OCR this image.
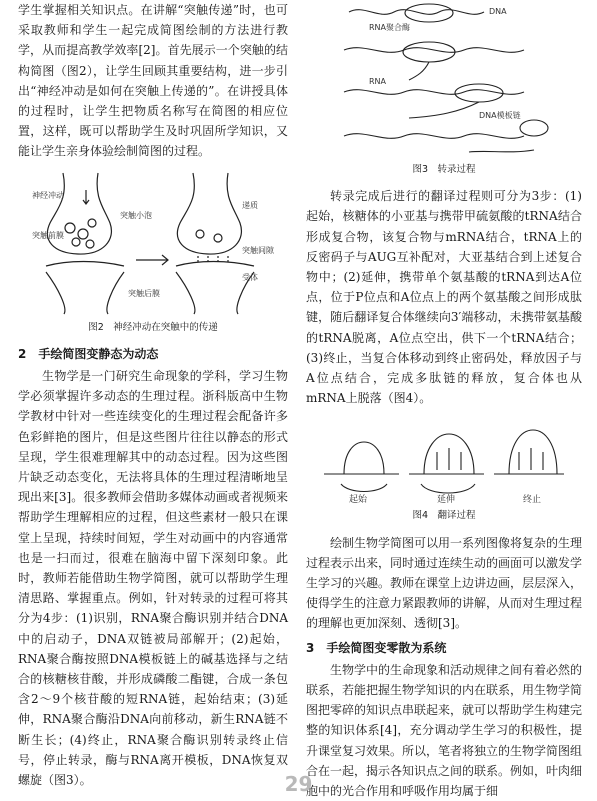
学生掌握相关知识点。在讲解“突触传递”时，也可采取教师和学生一起完成简图绘制的方法进行教学，从而提高教学效率[2]。首先展示一个突触的结构简图（图2），让学生回顾其重要结构，进一步引出“神经冲动是如何在突触上传递的”。在讲授具体的过程时，让学生把物质名称写在简图的相应位置，这样，既可以帮助学生及时巩固所学知识，又能让学生亲身体验绘制简图的过程。

神经冲动
突触前膜
突触小泡
递质
突触间隙
受体
突触后膜

图2　神经冲动在突触中的传递

2　手绘简图变静态为动态

生物学是一门研究生命现象的学科，学习生物学必须掌握许多动态的生理过程。浙科版高中生物学教材中针对一些连续变化的生理过程会配备许多色彩鲜艳的图片，但是这些图片往往以静态的形式呈现，学生很难理解其中的动态过程。因为这些图片缺乏动态变化，无法将具体的生理过程清晰地呈现出来[3]。很多教师会借助多媒体动画或者视频来帮助学生理解相应的过程，但这些素材一般只在课堂上呈现，持续时间短，学生对动画中的内容通常也是一扫而过，很难在脑海中留下深刻印象。此时，教师若能借助生物学简图，就可以帮助学生理清思路、掌握重点。例如，针对转录的过程可将其分为4步：(1)识别，RNA聚合酶识别并结合DNA中的启动子，DNA双链被局部解开；(2)起始，RNA聚合酶按照DNA模板链上的碱基选择与之结合的核糖核苷酸，并形成磷酸二酯键，合成一条包含2～9个核苷酸的短RNA链，起始结束；(3)延伸，RNA聚合酶沿DNA向前移动，新生RNA链不断生长；(4)终止，RNA聚合酶识别转录终止信号，停止转录，酶与RNA离开模板，DNA恢复双螺旋（图3）。

DNA
RNA聚合酶
RNA
DNA模板链

图3　转录过程

转录完成后进行的翻译过程则可分为3步：(1)起始，核糖体的小亚基与携带甲硫氨酸的tRNA结合形成复合物，该复合物与mRNA结合，tRNA上的反密码子与AUG互补配对，大亚基结合到上述复合物中；(2)延伸，携带单个氨基酸的tRNA到达A位点，位于P位点和A位点上的两个氨基酸之间形成肽键，随后翻译复合体继续向3′端移动，未携带氨基酸的tRNA脱离，A位点空出，供下一个tRNA结合；(3)终止，当复合体移动到终止密码处，释放因子与A位点结合，完成多肽链的释放，复合体也从mRNA上脱落（图4）。

起始	延伸	终止

图4　翻译过程

绘制生物学简图可以用一系列图像将复杂的生理过程表示出来，同时通过连续生动的画面可以激发学生学习的兴趣。教师在课堂上边讲边画，层层深入，使得学生的注意力紧跟教师的讲解，从而对生理过程的理解也更加深刻、透彻[3]。

3　手绘简图变零散为系统

生物学中的生命现象和活动规律之间有着必然的联系，若能把握生物学知识的内在联系，用生物学简图把零碎的知识点串联起来，就可以帮助学生构建完整的知识体系[4]，充分调动学生学习的积极性，提升课堂复习效果。所以，笔者将独立的生物学简图组合在一起，揭示各知识点之间的联系。例如，叶肉细胞中的光合作用和呼吸作用均属于细

29
